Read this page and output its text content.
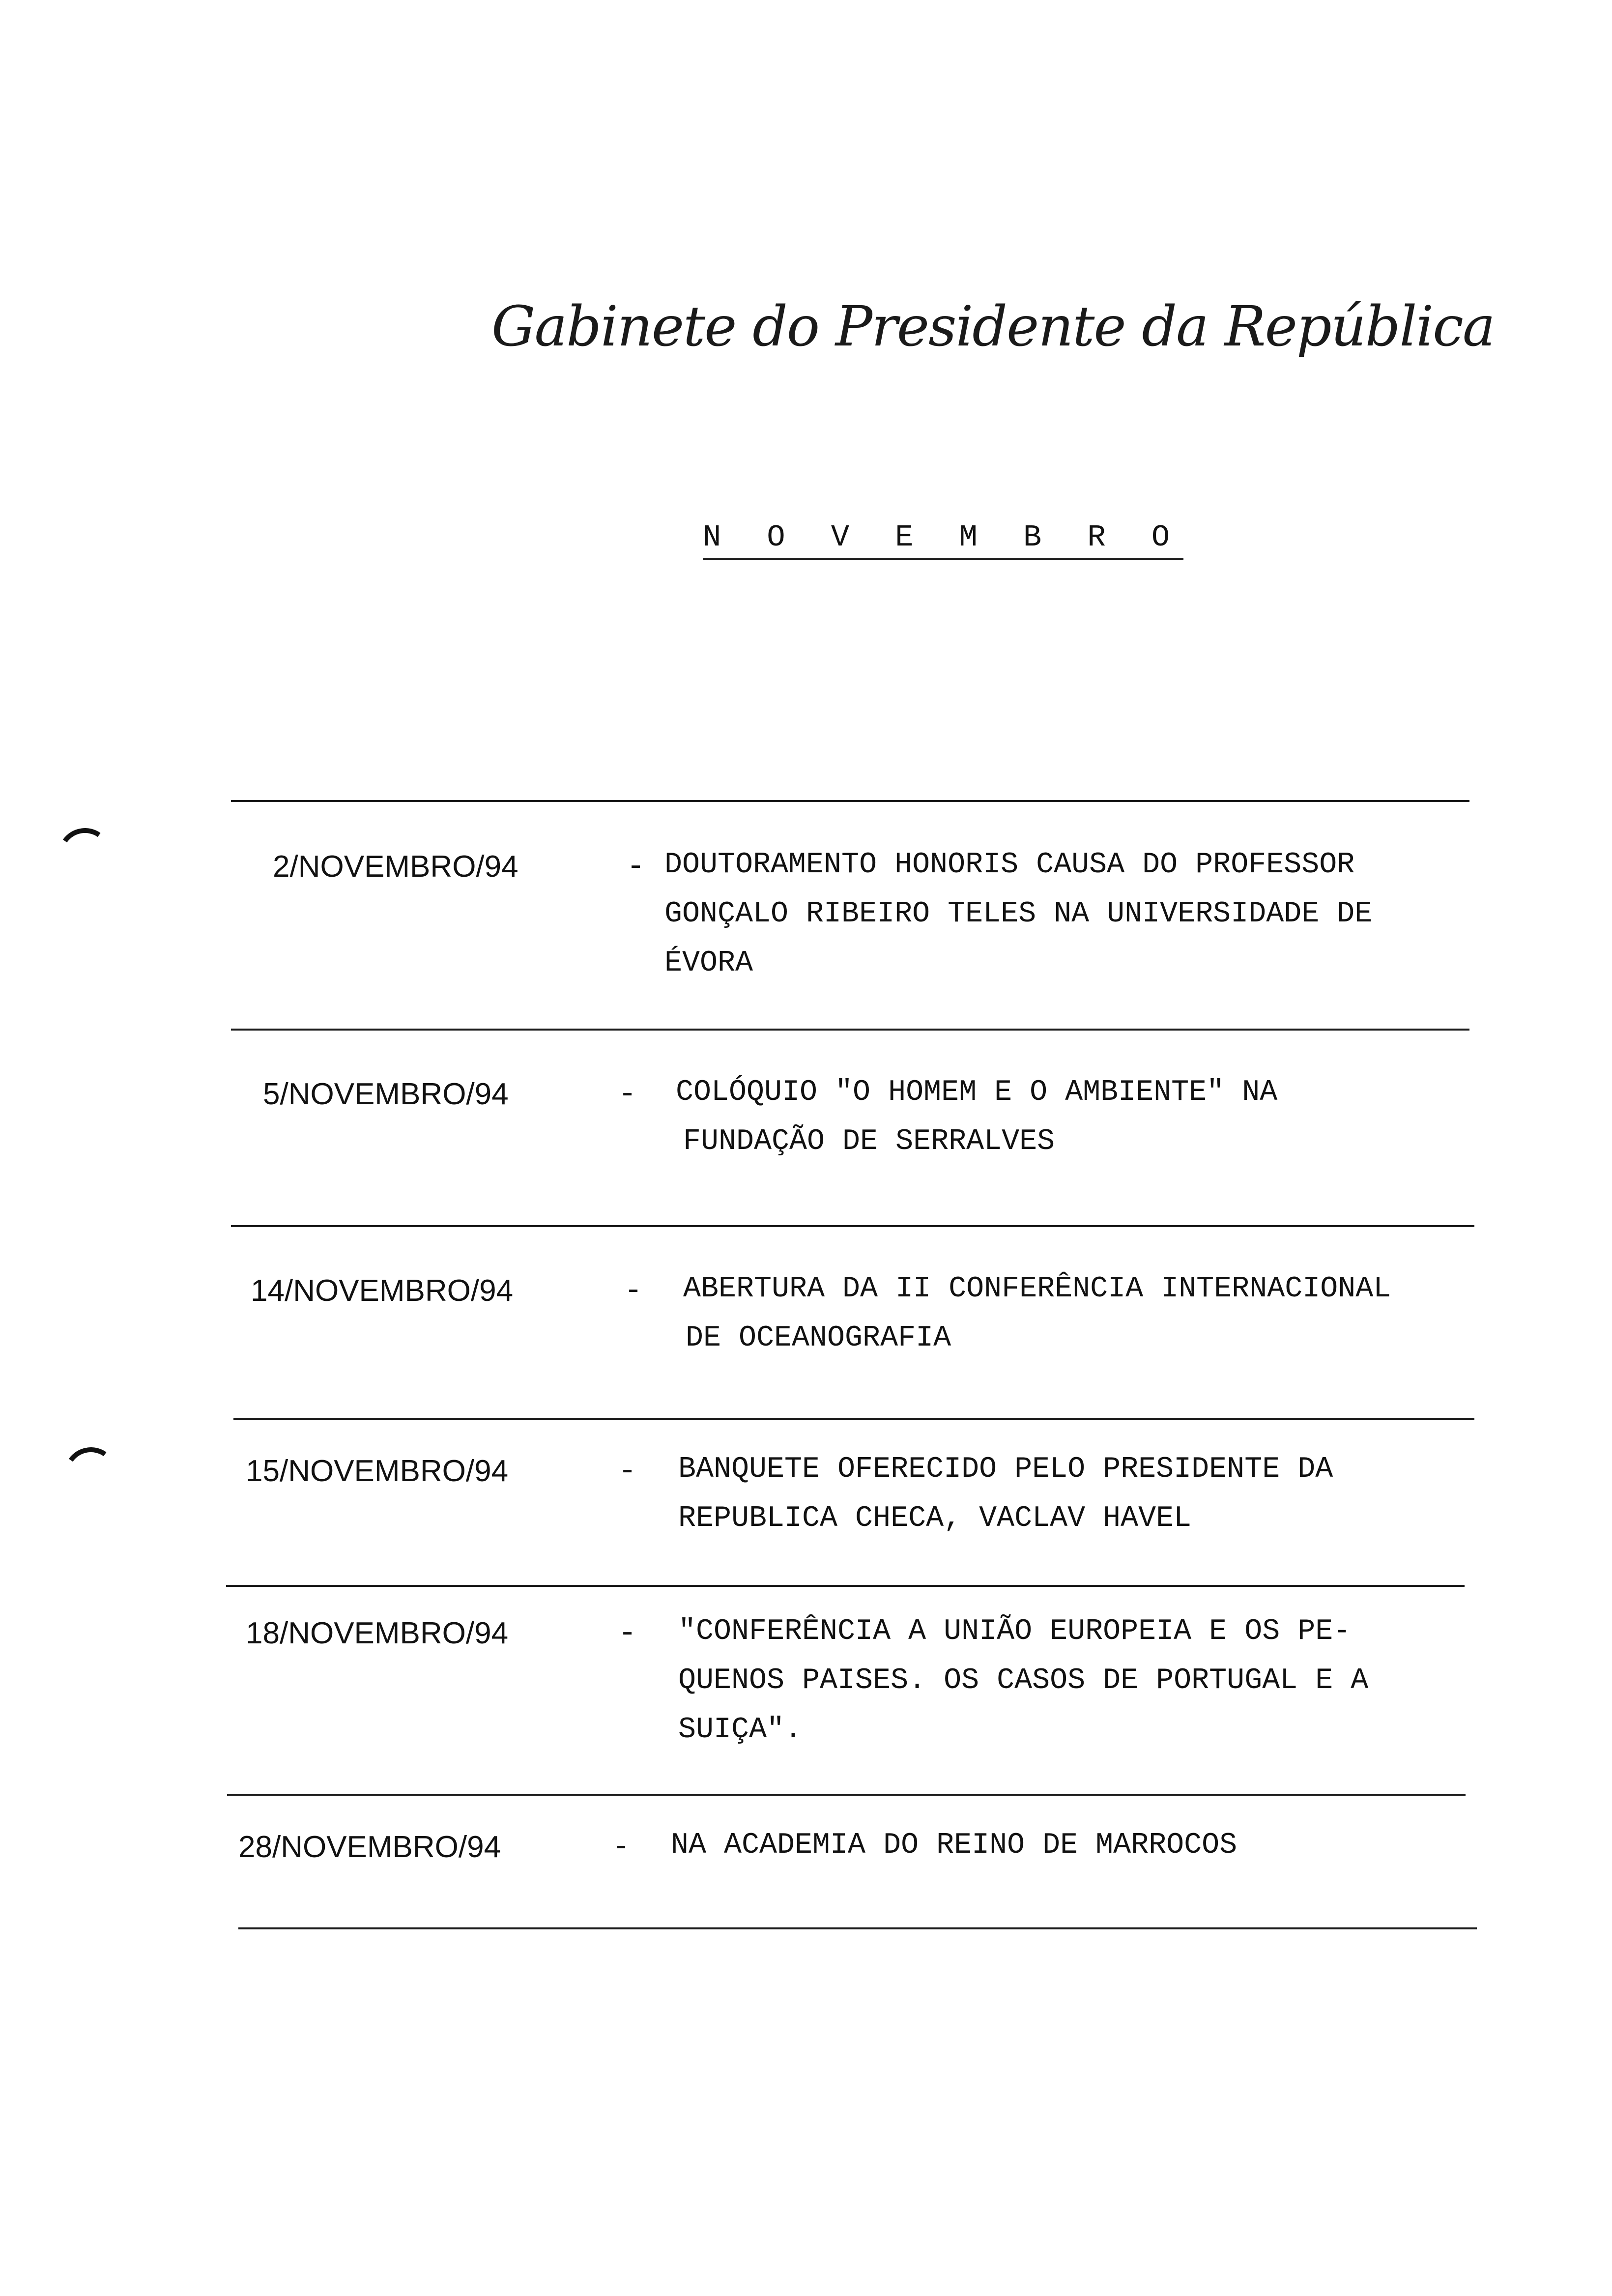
Gabinete do Presidente da República
N O V E M B R O
2/NOVEMBRO/94	- DOUTORAMENTO HONORIS CAUSA DO PROFESSOR
GONÇALO RIBEIRO TELES NA UNIVERSIDADE DE
ÉVORA
5/NOVEMBRO/94	- COLÓQUIO "O HOMEM E O AMBIENTE" NA
FUNDAÇÃO DE SERRALVES
14/NOVEMBRO/94	- ABERTURA DA II CONFERÊNCIA INTERNACIONAL
DE OCEANOGRAFIA
15/NOVEMBRO/94	- BANQUETE OFERECIDO PELO PRESIDENTE DA
REPUBLICA CHECA, VACLAV HAVEL
18/NOVEMBRO/94	- "CONFERÊNCIA A UNIÃO EUROPEIA E OS PE-
QUENOS PAISES. OS CASOS DE PORTUGAL E A
SUIÇA".
28/NOVEMBRO/94	- NA ACADEMIA DO REINO DE MARROCOS
